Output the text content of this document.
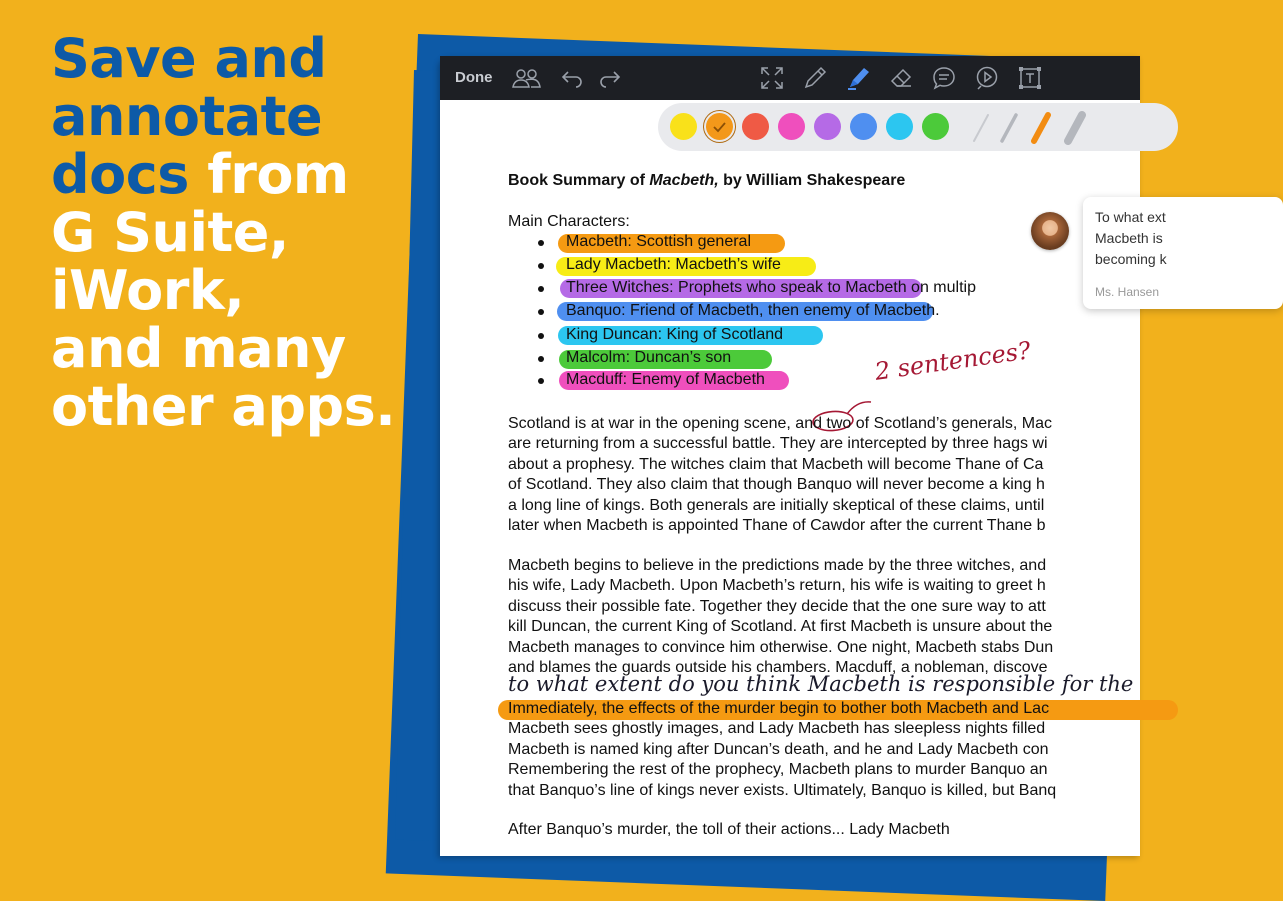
Save and
annotate
docs from
G Suite,
iWork,
and many
other apps.
Done
Book Summary of Macbeth, by William Shakespeare
Main Characters:
Macbeth: Scottish general
Lady Macbeth: Macbeth’s wife
Three Witches: Prophets who speak to Macbeth on multip
Banquo: Friend of Macbeth, then enemy of Macbeth.
King Duncan: King of Scotland
Malcolm: Duncan’s son
Macduff: Enemy of Macbeth	2 sentences?
Scotland is at war in the opening scene, and two of Scotland’s generals, Mac
are returning from a successful battle. They are intercepted by three hags wi
about a prophesy. The witches claim that Macbeth will become Thane of Ca
of Scotland. They also claim that though Banquo will never become a king h
a long line of kings. Both generals are initially skeptical of these claims, until
later when Macbeth is appointed Thane of Cawdor after the current Thane b
Macbeth begins to believe in the predictions made by the three witches, and
his wife, Lady Macbeth. Upon Macbeth’s return, his wife is waiting to greet h
discuss their possible fate. Together they decide that the one sure way to att
kill Duncan, the current King of Scotland. At first Macbeth is unsure about the
Macbeth manages to convince him otherwise. One night, Macbeth stabs Dun
and blames the guards outside his chambers. Macduff, a nobleman, discove
to what extent do you think Macbeth is responsible for the
Immediately, the effects of the murder begin to bother both Macbeth and Lac
Macbeth sees ghostly images, and Lady Macbeth has sleepless nights filled
Macbeth is named king after Duncan’s death, and he and Lady Macbeth con
Remembering the rest of the prophecy, Macbeth plans to murder Banquo an
that Banquo’s line of kings never exists. Ultimately, Banquo is killed, but Banq
After Banquo’s murder, the toll of their actions... Lady Macbeth
To what ext
Macbeth is
becoming k
Ms. Hansen
